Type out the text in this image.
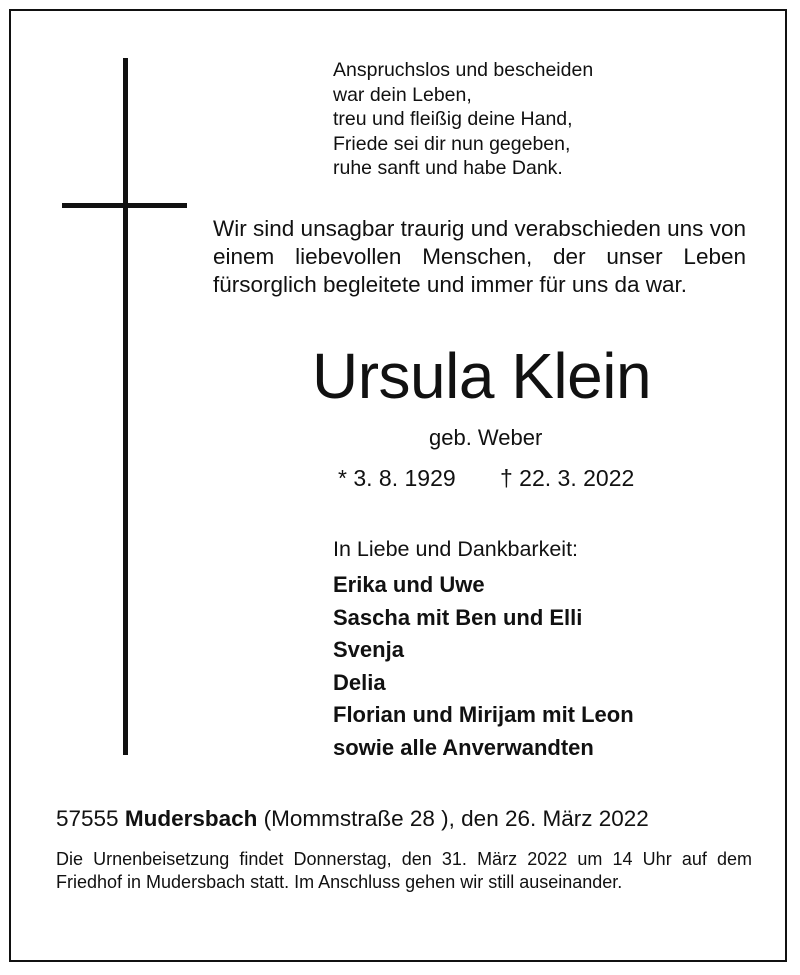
Anspruchslos und bescheiden
war dein Leben,
treu und fleißig deine Hand,
Friede sei dir nun gegeben,
ruhe sanft und habe Dank.
Wir sind unsagbar traurig und verabschieden uns von einem liebevollen Menschen, der unser Leben fürsorglich begleitete und immer für uns da war.
Ursula Klein
geb. Weber
* 3. 8. 1929 † 22. 3. 2022
In Liebe und Dankbarkeit:
Erika und Uwe
Sascha mit Ben und Elli
Svenja
Delia
Florian und Mirijam mit Leon
sowie alle Anverwandten
57555 Mudersbach (Mommstraße 28 ), den 26. März 2022
Die Urnenbeisetzung findet Donnerstag, den 31. März 2022 um 14 Uhr auf dem Friedhof in Mudersbach statt. Im Anschluss gehen wir still auseinander.
